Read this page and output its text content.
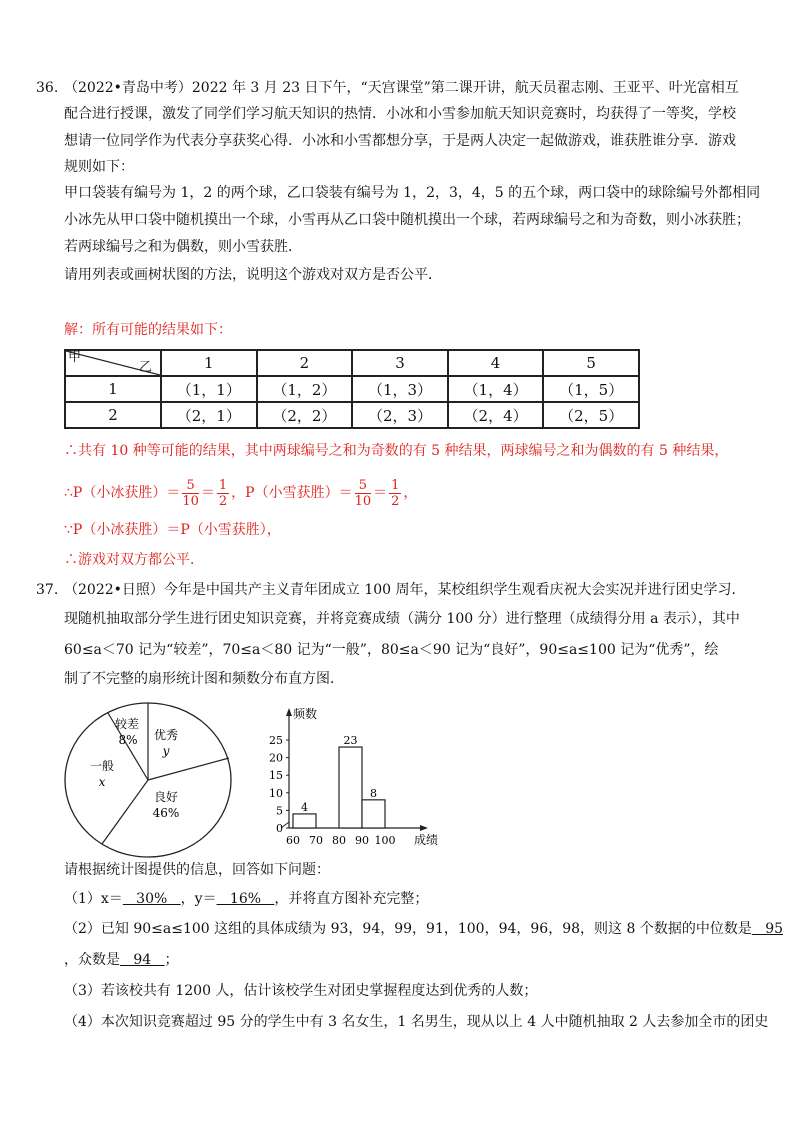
36. （2022•青岛中考）2022 年 3 月 23 日下午，“天宫课堂”第二课开讲，航天员翟志刚、王亚平、叶光富相互
配合进行授课，激发了同学们学习航天知识的热情．小冰和小雪参加航天知识竞赛时，均获得了一等奖，学校
想请一位同学作为代表分享获奖心得．小冰和小雪都想分享，于是两人决定一起做游戏，谁获胜谁分享．游戏
规则如下：
甲口袋装有编号为 1，2 的两个球，乙口袋装有编号为 1，2，3，4，5 的五个球，两口袋中的球除编号外都相同
小冰先从甲口袋中随机摸出一个球，小雪再从乙口袋中随机摸出一个球，若两球编号之和为奇数，则小冰获胜；
若两球编号之和为偶数，则小雪获胜．
请用列表或画树状图的方法，说明这个游戏对双方是否公平．
解：所有可能的结果如下：
甲
乙	1	2	3	4	5
1	（1，1）	（1，2）	（1，3）	（1，4）	（1，5）
2	（2，1）	（2，2）	（2，3）	（2，4）	（2，5）
∴共有 10 种等可能的结果，其中两球编号之和为奇数的有 5 种结果，两球编号之和为偶数的有 5 种结果，
∴P（小冰获胜）＝ $\frac{5}{10} = \frac{1}{2}$ ，P（小雪获胜）＝ $\frac{5}{10} = \frac{1}{2}$ ，
∵P（小冰获胜）＝P（小雪获胜），
∴游戏对双方都公平．
37. （2022•日照）今年是中国共产主义青年团成立 100 周年，某校组织学生观看庆祝大会实况并进行团史学习．
现随机抽取部分学生进行团史知识竞赛，并将竞赛成绩（满分 100 分）进行整理（成绩得分用 a 表示），其中
60≤a＜70 记为“较差”，70≤a＜80 记为“一般”，80≤a＜90 记为“良好”，90≤a≤100 记为“优秀”，绘
制了不完整的扇形统计图和频数分布直方图．
较差
8% 优秀
y
一般
x
良好
46%
0
5
10
15
20
25
60 70 80 90 100
4
23
8
频数
成绩
请根据统计图提供的信息，回答如下问题：
（1）x＝   30%   ，y＝   16%   ，并将直方图补充完整；
（2）已知 90≤a≤100 这组的具体成绩为 93，94，99，91，100，94，96，98，则这 8 个数据的中位数是   95
，众数是   94   ；
（3）若该校共有 1200 人，估计该校学生对团史掌握程度达到优秀的人数；
（4）本次知识竞赛超过 95 分的学生中有 3 名女生，1 名男生，现从以上 4 人中随机抽取 2 人去参加全市的团史
